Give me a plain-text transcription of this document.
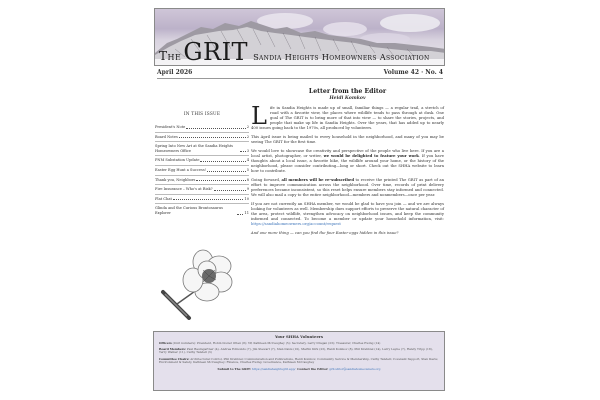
The GRIT Sandia Heights Homeowners Association
April 2026	Volume 42 · No. 4
IN THIS ISSUE
President's Note	2
Board Notes	2
Spring Into New Art at the Sandia Heights Homeowners Office	3
PNM Substation Update	4
Easter Egg Hunt a Success!	5
Thank you, Neighbors	8
Fire Insurance – Who's at Risk?	9
Plat Chat	10
Glinda and the Curious Brontosaurus Explorer	11
Letter from the Editor
Heidi Komkov

Life in Sandia Heights is made up of small, familiar things — a regular trail, a stretch of road with a favorite view, the places where wildlife tends to pass through at dusk. One goal of The GRIT is to bring more of that into view — to share the stories, projects, and people that make up life in Sandia Heights. Over the years, that has added up to nearly 400 issues going back to the 1970s, all produced by volunteers.

This April issue is being mailed to every household in the neighborhood, and many of you may be seeing The GRIT for the first time.

We would love to showcase the creativity and perspective of the people who live here. If you are a local artist, photographer, or writer, we would be delighted to feature your work. If you have thoughts about a local issue, a favorite hike, the wildlife around your home, or the history of the neighborhood, please consider contributing—long or short. Check out the SHHA website to learn how to contribute.

Going forward, all members will be re-subscribed to receive the printed The GRIT as part of an effort to improve communication across the neighborhood. Over time, records of print delivery preferences became inconsistent, so this reset helps ensure members stay informed and connected. We will also mail a copy to the entire neighborhood—members and nonmembers—once per year.

If you are not currently an SHHA member, we would be glad to have you join — and we are always looking for volunteers as well. Membership dues support efforts to preserve the natural character of the area, protect wildlife, strengthen advocacy on neighborhood issues, and keep the community informed and connected. To become a member or update your household information, visit: https://sandiahomeowners.org/account/request

And one more thing — can you find the four Easter eggs hidden in this issue?

Your SHHA Volunteers

Officers (Unit numbers): President, Robin Dozier Otten (8); VP, Kathleen McCaughey (5); Secretary, Larry Dragan (23); Treasurer, Charles Ewing (14)

Board Members: Paul Baumgartner (4), Andrea Edmonds (7), Jim Stewart (7), Stan Davis (10), Martin Kirk (23), Heidi Komkov (8), Phil Krehbiel (14), Larry Layne (7), Randy Tripp (18), Terry Walker (11), Cathy Tandell (3)

Committee Chairs: Architectural Control, Phil Krehbiel; Communication and Publications, Heidi Komkov; Community Service & Membership, Cathy Tandell; Covenant Support, Stan Davis; Environment & Safety, Kathleen McCaughey; Finance, Charles Ewing; Governance, Kathleen McCaughey

Submit to The GRIT: https://sandiaheightsgrit.app/ Contact the Editor: gritoditor@sandiahomeowners.org
